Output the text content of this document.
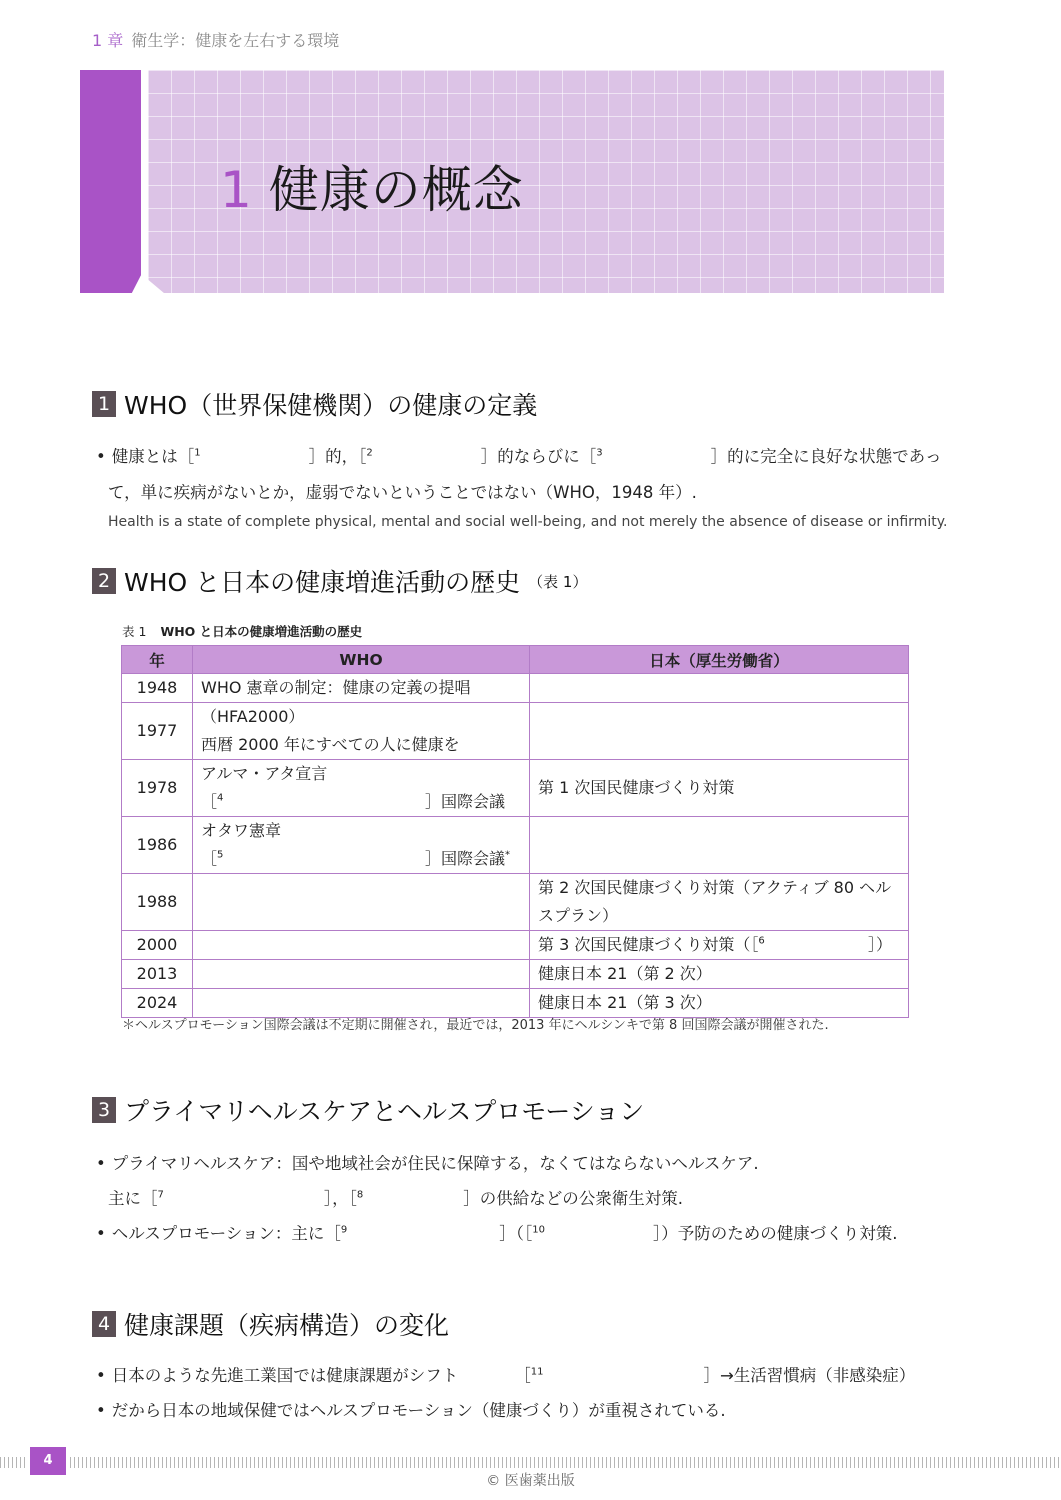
1 章 衛生学：健康を左右する環境
1 健康の概念
1 WHO（世界保健機関）の健康の定義
• 健康とは［$^1$	］的，［$^2$	］的ならびに［$^3$	］的に完全に良好な状態であっ
て，単に疾病がないとか，虚弱でないということではない（WHO，1948 年）.
Health is a state of complete physical, mental and social well-being, and not merely the absence of disease or infirmity.
2 WHO と日本の健康増進活動の歴史 （表 1）
表 1 WHO と日本の健康増進活動の歴史
年	WHO	日本（厚生労働省）
1948	WHO 憲章の制定：健康の定義の提唱	
1977	（HFA2000）
西暦 2000 年にすべての人に健康を	

1978	アルマ・アタ宣言
［$^4$ ］国際会議	第 1 次国民健康づくり対策
1986	オタワ憲章
［$^5$ ］国際会議*

1988		第 2 次国民健康づくり対策（アクティブ 80 ヘル
スプラン）

2000		第 3 次国民健康づくり対策（［$^6$ ］）

2013		健康日本 21（第 2 次）
2024		健康日本 21（第 3 次）
＊ヘルスプロモーション国際会議は不定期に開催され，最近では，2013 年にヘルシンキで第 8 回国際会議が開催された.
3 プライマリヘルスケアとヘルスプロモーション
• プライマリヘルスケア：国や地域社会が住民に保障する，なくてはならないヘルスケア.
主に［$^7$	］，［$^8$	］の供給などの公衆衛生対策.
• ヘルスプロモーション：主に［$^9$	］（［$^{10}$	］）予防のための健康づくり対策.
4 健康課題（疾病構造）の変化
• 日本のような先進工業国では健康課題がシフト	［$^{11}$	］→生活習慣病（非感染症）
• だから日本の地域保健ではヘルスプロモーション（健康づくり）が重視されている.
4
© 医歯薬出版
